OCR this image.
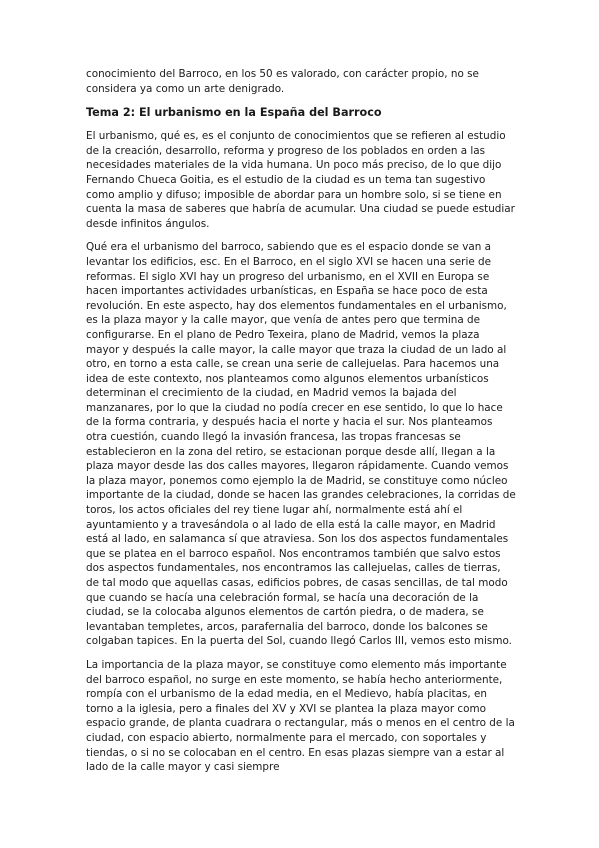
conocimiento del Barroco, en los 50 es valorado, con carácter propio, no se considera ya como un arte denigrado.

Tema 2: El urbanismo en la España del Barroco

El urbanismo, qué es, es el conjunto de conocimientos que se refieren al estudio de la creación, desarrollo, reforma y progreso de los poblados en orden a las necesidades materiales de la vida humana. Un poco más preciso, de lo que dijo Fernando Chueca Goitia, es el estudio de la ciudad es un tema tan sugestivo como amplio y difuso; imposible de abordar para un hombre solo, si se tiene en cuenta la masa de saberes que habría de acumular. Una ciudad se puede estudiar desde infinitos ángulos.

Qué era el urbanismo del barroco, sabiendo que es el espacio donde se van a levantar los edificios, esc. En el Barroco, en el siglo XVI se hacen una serie de reformas. El siglo XVI hay un progreso del urbanismo, en el XVII en Europa se hacen importantes actividades urbanísticas, en España se hace poco de esta revolución. En este aspecto, hay dos elementos fundamentales en el urbanismo, es la plaza mayor y la calle mayor, que venía de antes pero que termina de configurarse. En el plano de Pedro Texeira, plano de Madrid, vemos la plaza mayor y después la calle mayor, la calle mayor que traza la ciudad de un lado al otro, en torno a esta calle, se crean una serie de callejuelas. Para hacemos una idea de este contexto, nos planteamos como algunos elementos urbanísticos determinan el crecimiento de la ciudad, en Madrid vemos la bajada del manzanares, por lo que la ciudad no podía crecer en ese sentido, lo que lo hace de la forma contraria, y después hacia el norte y hacia el sur. Nos planteamos otra cuestión, cuando llegó la invasión francesa, las tropas francesas se establecieron en la zona del retiro, se estacionan porque desde allí, llegan a la plaza mayor desde las dos calles mayores, llegaron rápidamente. Cuando vemos la plaza mayor, ponemos como ejemplo la de Madrid, se constituye como núcleo importante de la ciudad, donde se hacen las grandes celebraciones, la corridas de toros, los actos oficiales del rey tiene lugar ahí, normalmente está ahí el ayuntamiento y a travesándola o al lado de ella está la calle mayor, en Madrid está al lado, en salamanca sí que atraviesa. Son los dos aspectos fundamentales que se platea en el barroco español. Nos encontramos también que salvo estos dos aspectos fundamentales, nos encontramos las callejuelas, calles de tierras, de tal modo que aquellas casas, edificios pobres, de casas sencillas, de tal modo que cuando se hacía una celebración formal, se hacía una decoración de la ciudad, se la colocaba algunos elementos de cartón piedra, o de madera, se levantaban templetes, arcos, parafernalia del barroco, donde los balcones se colgaban tapices. En la puerta del Sol, cuando llegó Carlos III, vemos esto mismo.

La importancia de la plaza mayor, se constituye como elemento más importante del barroco español, no surge en este momento, se había hecho anteriormente, rompía con el urbanismo de la edad media, en el Medievo, había placitas, en torno a la iglesia, pero a finales del XV y XVI se plantea la plaza mayor como espacio grande, de planta cuadrara o rectangular, más o menos en el centro de la ciudad, con espacio abierto, normalmente para el mercado, con soportales y tiendas, o si no se colocaban en el centro. En esas plazas siempre van a estar al lado de la calle mayor y casi siempre
